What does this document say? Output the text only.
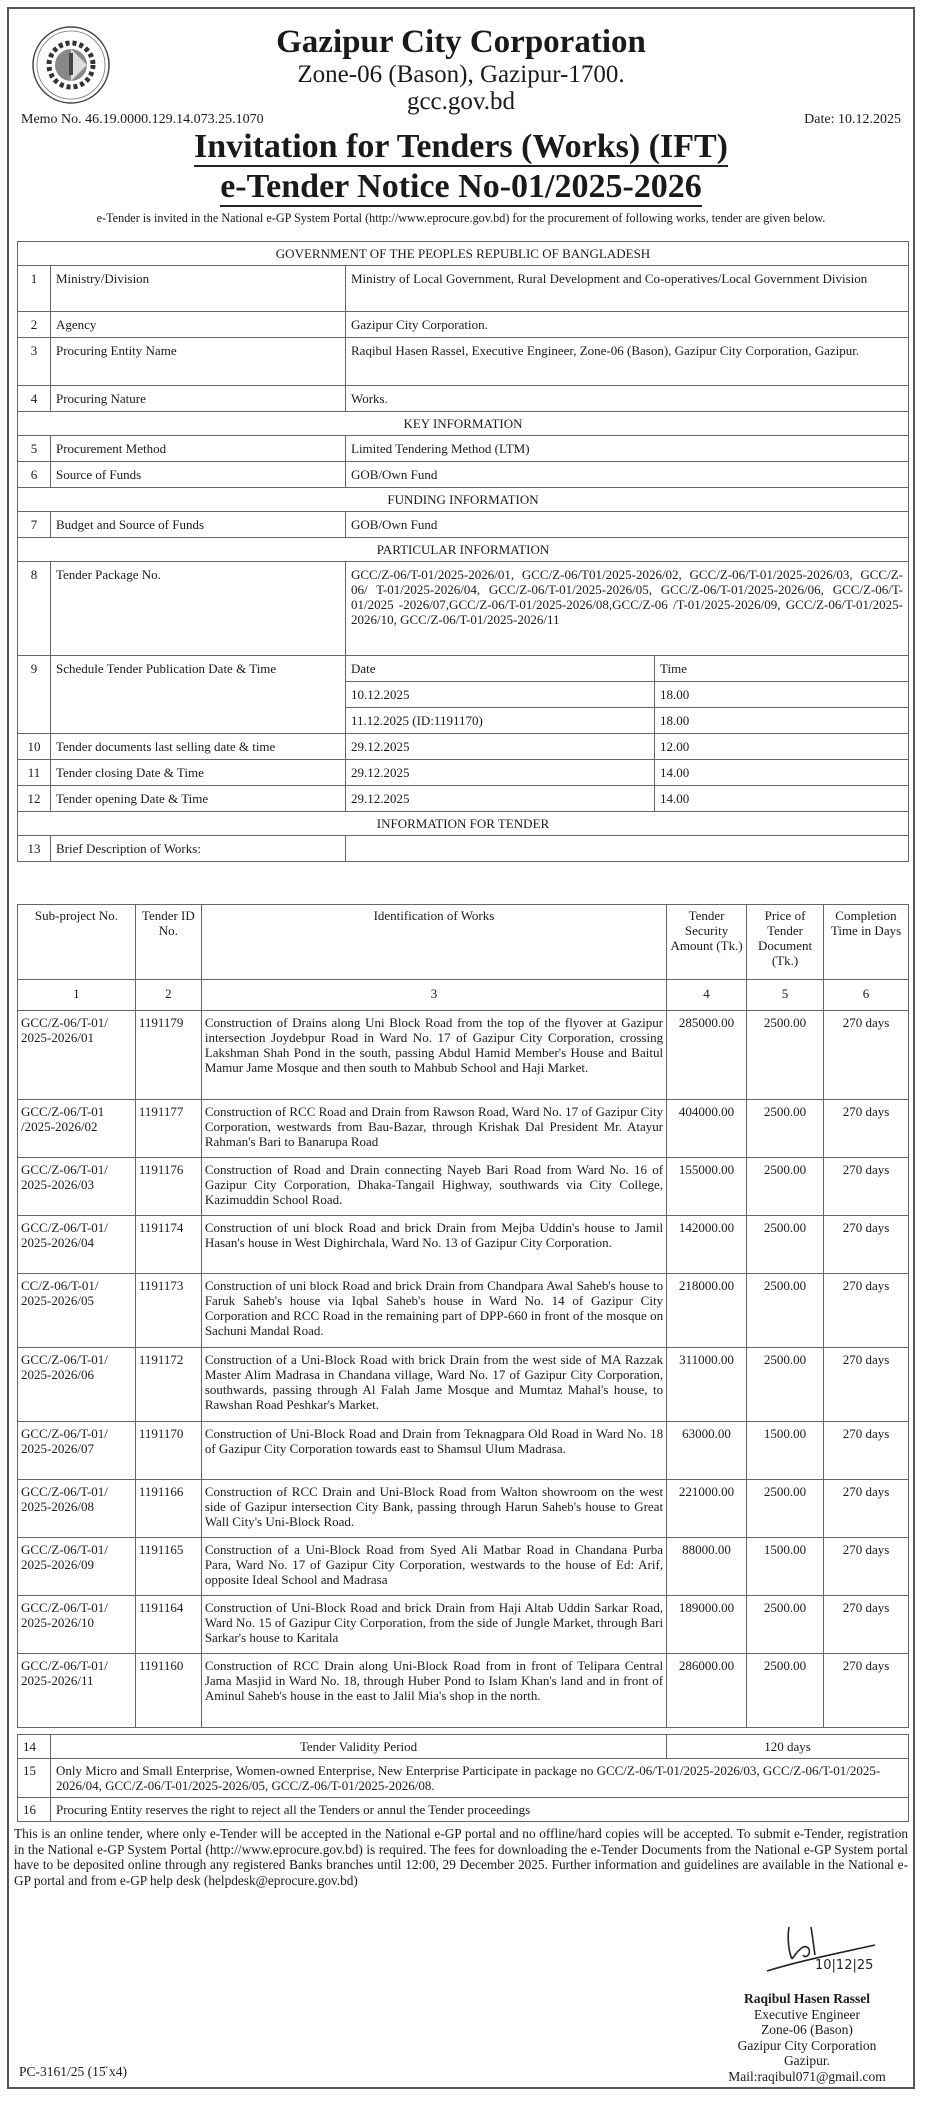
Gazipur City Corporation
Zone-06 (Bason), Gazipur-1700.
gcc.gov.bd
Memo No. 46.19.0000.129.14.073.25.1070	Date: 10.12.2025
Invitation for Tenders (Works) (IFT)
e-Tender Notice No-01/2025-2026
e-Tender is invited in the National e-GP System Portal (http://www.eprocure.gov.bd) for the procurement of following works, tender are given below.
GOVERNMENT OF THE PEOPLES REPUBLIC OF BANGLADESH			
1	Ministry/Division	Ministry of Local Government, Rural Development and Co-operatives/Local Government Division	
2	Agency	Gazipur City Corporation.	
3	Procuring Entity Name	Raqibul Hasen Rassel, Executive Engineer, Zone-06 (Bason), Gazipur City Corporation, Gazipur.	
4	Procuring Nature	Works.	
KEY INFORMATION			
5	Procurement Method	Limited Tendering Method (LTM)	
6	Source of Funds	GOB/Own Fund	
FUNDING INFORMATION			
7	Budget and Source of Funds	GOB/Own Fund	
PARTICULAR INFORMATION			
8	Tender Package No.	GCC/Z-06/T-01/2025-2026/01, GCC/Z-06/T01/2025-2026/02, GCC/Z-06/T-01/2025-2026/03, GCC/Z-06/ T-01/2025-2026/04, GCC/Z-06/T-01/2025-2026/05, GCC/Z-06/T-01/2025-2026/06, GCC/Z-06/T-01/2025 -2026/07,GCC/Z-06/T-01/2025-2026/08,GCC/Z-06 /T-01/2025-2026/09, GCC/Z-06/T-01/2025-2026/10, GCC/Z-06/T-01/2025-2026/11	
9	Schedule Tender Publication Date & Time	Date	Time
		10.12.2025	18.00
		11.12.2025 (ID:1191170)	18.00
10	Tender documents last selling date & time	29.12.2025	12.00
11	Tender closing Date & Time	29.12.2025	14.00
12	Tender opening Date & Time	29.12.2025	14.00
INFORMATION FOR TENDER			
13	Brief Description of Works:		
Sub-project No.	Tender ID No.	Identification of Works	Tender Security Amount (Tk.)	Price of Tender Document (Tk.)	Completion Time in Days
1	2	3	4	5	6
GCC/Z-06/T-01/ 2025-2026/01	1191179	Construction of Drains along Uni Block Road from the top of the flyover at Gazipur intersection Joydebpur Road in Ward No. 17 of Gazipur City Corporation, crossing Lakshman Shah Pond in the south, passing Abdul Hamid Member's House and Baitul Mamur Jame Mosque and then south to Mahbub School and Haji Market.	285000.00	2500.00	270 days
GCC/Z-06/T-01 /2025-2026/02	1191177	Construction of RCC Road and Drain from Rawson Road, Ward No. 17 of Gazipur City Corporation, westwards from Bau-Bazar, through Krishak Dal President Mr. Atayur Rahman's Bari to Banarupa Road	404000.00	2500.00	270 days
GCC/Z-06/T-01/ 2025-2026/03	1191176	Construction of Road and Drain connecting Nayeb Bari Road from Ward No. 16 of Gazipur City Corporation, Dhaka-Tangail Highway, southwards via City College, Kazimuddin School Road.	155000.00	2500.00	270 days
GCC/Z-06/T-01/ 2025-2026/04	1191174	Construction of uni block Road and brick Drain from Mejba Uddin's house to Jamil Hasan's house in West Dighirchala, Ward No. 13 of Gazipur City Corporation.	142000.00	2500.00	270 days
CC/Z-06/T-01/ 2025-2026/05	1191173	Construction of uni block Road and brick Drain from Chandpara Awal Saheb's house to Faruk Saheb's house via Iqbal Saheb's house in Ward No. 14 of Gazipur City Corporation and RCC Road in the remaining part of DPP-660 in front of the mosque on Sachuni Mandal Road.	218000.00	2500.00	270 days
GCC/Z-06/T-01/ 2025-2026/06	1191172	Construction of a Uni-Block Road with brick Drain from the west side of MA Razzak Master Alim Madrasa in Chandana village, Ward No. 17 of Gazipur City Corporation, southwards, passing through Al Falah Jame Mosque and Mumtaz Mahal's house, to Rawshan Road Peshkar's Market.	311000.00	2500.00	270 days
GCC/Z-06/T-01/ 2025-2026/07	1191170	Construction of Uni-Block Road and Drain from Teknagpara Old Road in Ward No. 18 of Gazipur City Corporation towards east to Shamsul Ulum Madrasa.	63000.00	1500.00	270 days
GCC/Z-06/T-01/ 2025-2026/08	1191166	Construction of RCC Drain and Uni-Block Road from Walton showroom on the west side of Gazipur intersection City Bank, passing through Harun Saheb's house to Great Wall City's Uni-Block Road.	221000.00	2500.00	270 days
GCC/Z-06/T-01/ 2025-2026/09	1191165	Construction of a Uni-Block Road from Syed Ali Matbar Road in Chandana Purba Para, Ward No. 17 of Gazipur City Corporation, westwards to the house of Ed: Arif, opposite Ideal School and Madrasa	88000.00	1500.00	270 days
GCC/Z-06/T-01/ 2025-2026/10	1191164	Construction of Uni-Block Road and brick Drain from Haji Altab Uddin Sarkar Road, Ward No. 15 of Gazipur City Corporation, from the side of Jungle Market, through Bari Sarkar's house to Karitala	189000.00	2500.00	270 days
GCC/Z-06/T-01/ 2025-2026/11	1191160	Construction of RCC Drain along Uni-Block Road from in front of Telipara Central Jama Masjid in Ward No. 18, through Huber Pond to Islam Khan's land and in front of Aminul Saheb's house in the east to Jalil Mia's shop in the north.	286000.00	2500.00	270 days
14	Tender Validity Period	120 days
15	Only Micro and Small Enterprise, Women-owned Enterprise, New Enterprise Participate in package no GCC/Z-06/T-01/2025-2026/03, GCC/Z-06/T-01/2025-2026/04, GCC/Z-06/T-01/2025-2026/05, GCC/Z-06/T-01/2025-2026/08.	
16	Procuring Entity reserves the right to reject all the Tenders or annul the Tender proceedings	
This is an online tender, where only e-Tender will be accepted in the National e-GP portal and no offline/hard copies will be accepted. To submit e-Tender, registration in the National e-GP System Portal (http://www.eprocure.gov.bd) is required. The fees for downloading the e-Tender Documents from the National e-GP System portal have to be deposited online through any registered Banks branches until 12:00, 29 December 2025. Further information and guidelines are available in the National e-GP portal and from e-GP help desk (helpdesk@eprocure.gov.bd)
10|12|25
Raqibul Hasen Rassel
Executive Engineer
Zone-06 (Bason)
Gazipur City Corporation
Gazipur.
Mail:raqibul071@gmail.com
PC-3161/25 (15̋ x4)
